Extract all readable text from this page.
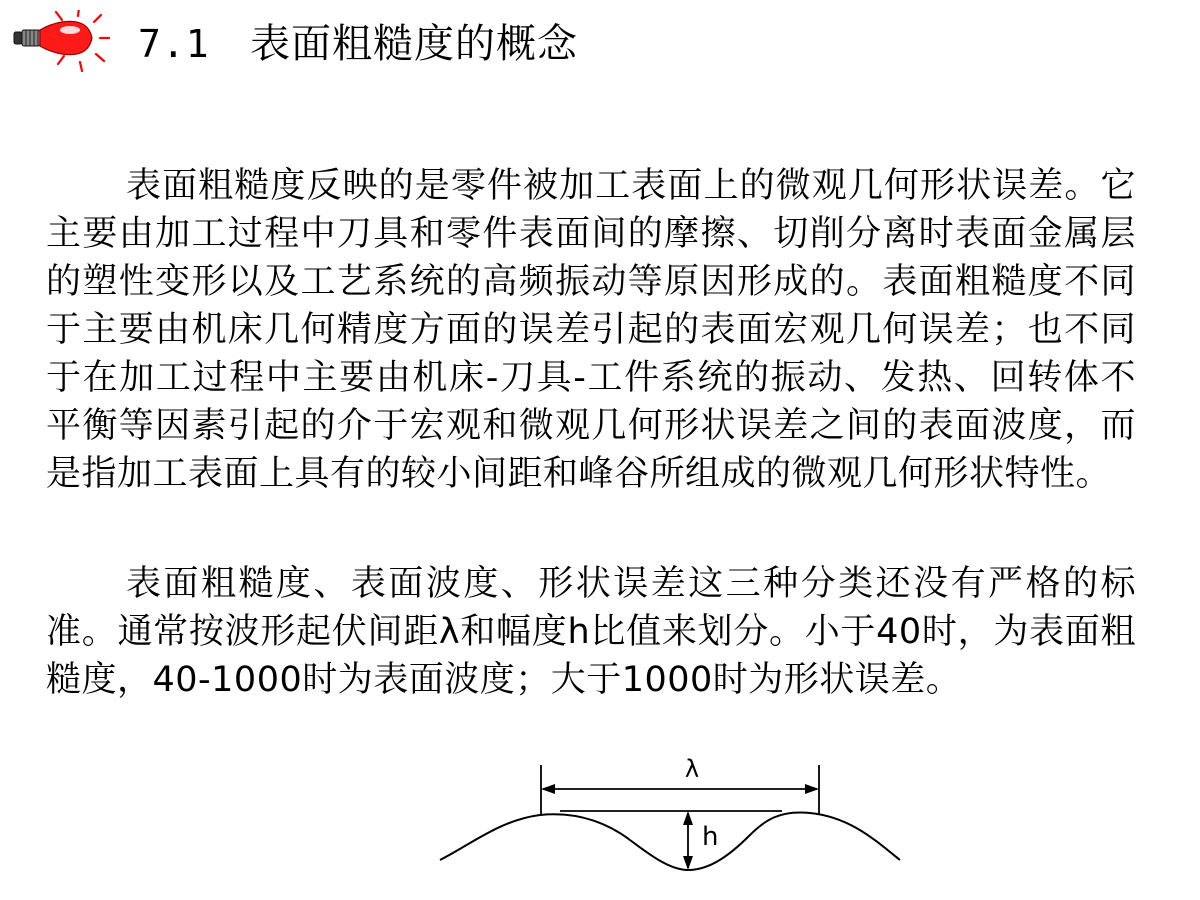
7.1 表面粗糙度的概念

表面粗糙度反映的是零件被加工表面上的微观几何形状误差。它主要由加工过程中刀具和零件表面间的摩擦、切削分离时表面金属层的塑性变形以及工艺系统的高频振动等原因形成的。表面粗糙度不同于主要由机床几何精度方面的误差引起的表面宏观几何误差；也不同于在加工过程中主要由机床-刀具-工件系统的振动、发热、回转体不平衡等因素引起的介于宏观和微观几何形状误差之间的表面波度，而是指加工表面上具有的较小间距和峰谷所组成的微观几何形状特性。

表面粗糙度、表面波度、形状误差这三种分类还没有严格的标准。通常按波形起伏间距λ和幅度h比值来划分。小于40时，为表面粗糙度，40-1000时为表面波度；大于1000时为形状误差。

λ
h
